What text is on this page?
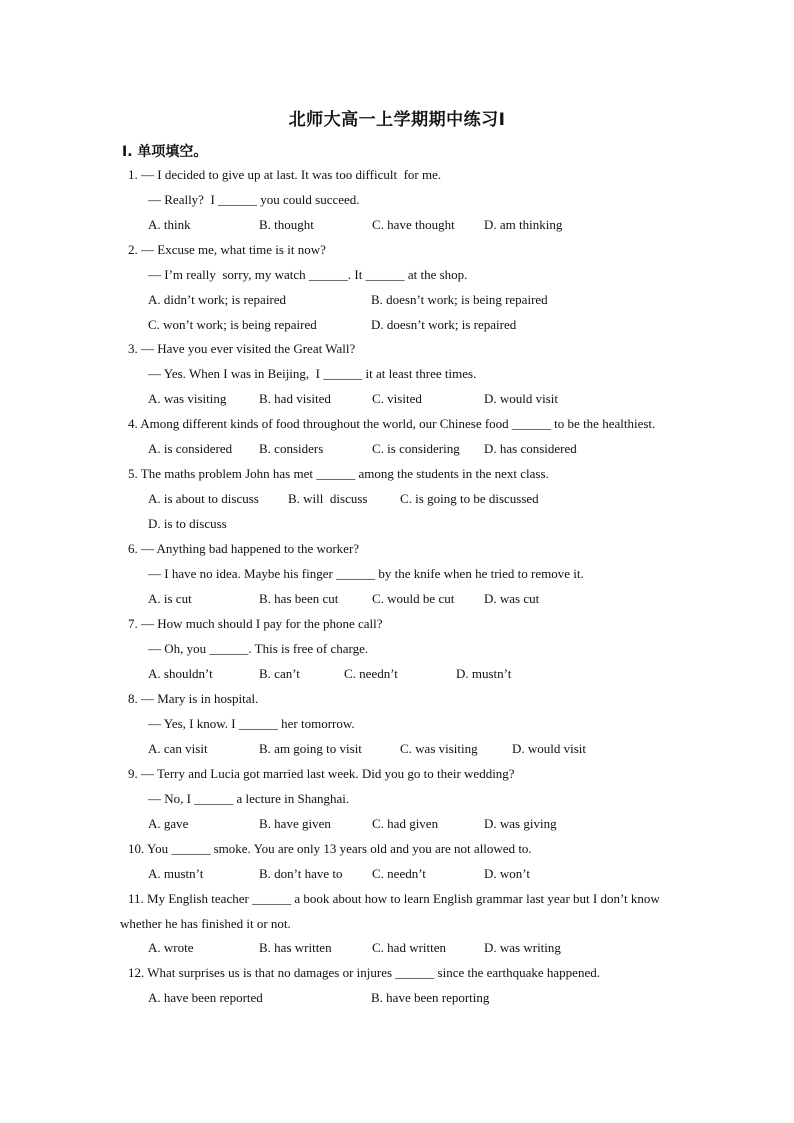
北师大高一上学期期中练习Ⅰ
Ⅰ. 单项填空。
1. — I decided to give up at last. It was too difficult  for me.
— Really?  I ______ you could succeed.
A. think	B. thought	C. have thought D. am thinking
2. — Excuse me, what time is it now?
— I’m really  sorry, my watch ______. It ______ at the shop.
A. didn’t work; is repaired	B. doesn’t work; is being repaired
C. won’t work; is being repaired	D. doesn’t work; is repaired
3. — Have you ever visited the Great Wall?
— Yes. When I was in Beijing,  I ______ it at least three times.
A. was visiting	B. had visited	C. visited	D. would visit
4. Among different kinds of food throughout the world, our Chinese food ______ to be the healthiest.
A. is considered B. considers	C. is considering D. has considered
5. The maths problem John has met ______ among the students in the next class.
A. is about to discuss B. will  discuss	C. is going to be discussed
D. is to discuss
6. — Anything bad happened to the worker?
— I have no idea. Maybe his finger ______ by the knife when he tried to remove it.
A. is cut	B. has been cut	C. would be cut D. was cut
7. — How much should I pay for the phone call?
— Oh, you ______. This is free of charge.
A. shouldn’t	B. can’t	C. needn’t	D. mustn’t
8. — Mary is in hospital.
— Yes, I know. I ______ her tomorrow.
A. can visit	B. am going to visit	C. was visiting	D. would visit
9. — Terry and Lucia got married last week. Did you go to their wedding?
— No, I ______ a lecture in Shanghai.
A. gave	B. have given	C. had given	D. was giving
10. You ______ smoke. You are only 13 years old and you are not allowed to.
A. mustn’t	B. don’t have to C. needn’t	D. won’t
11. My English teacher ______ a book about how to learn English grammar last year but I don’t know
whether he has finished it or not.
A. wrote	B. has written	C. had written	D. was writing
12. What surprises us is that no damages or injures ______ since the earthquake happened.
A. have been reported	B. have been reporting
